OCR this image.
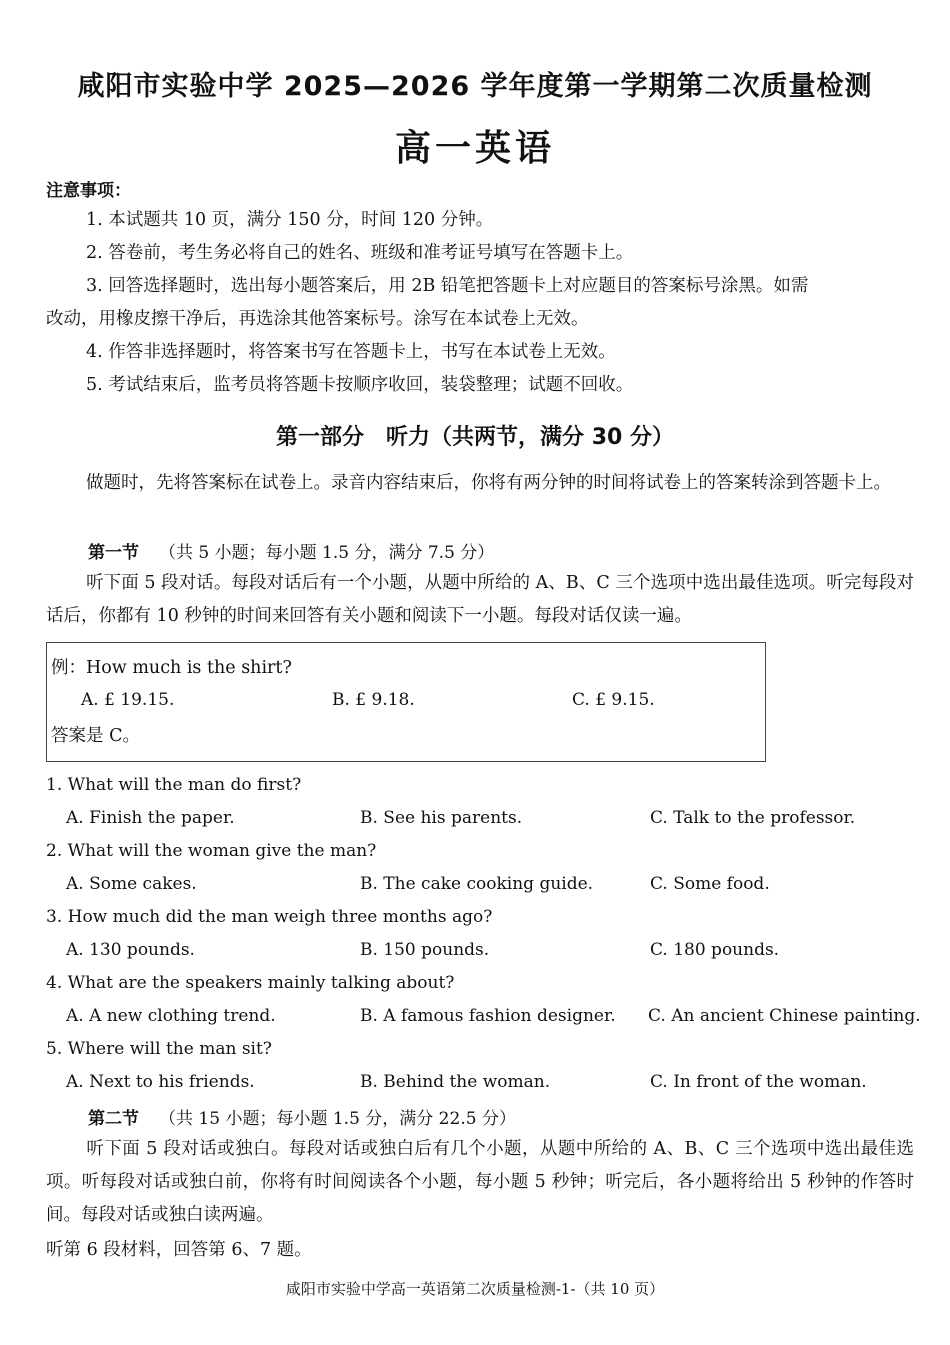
咸阳市实验中学 2025—2026 学年度第一学期第二次质量检测
高一英语
注意事项：
1. 本试题共 10 页，满分 150 分，时间 120 分钟。
2. 答卷前，考生务必将自己的姓名、班级和准考证号填写在答题卡上。
3. 回答选择题时，选出每小题答案后，用 2B 铅笔把答题卡上对应题目的答案标号涂黑。如需
改动，用橡皮擦干净后，再选涂其他答案标号。涂写在本试卷上无效。
4. 作答非选择题时，将答案书写在答题卡上，书写在本试卷上无效。
5. 考试结束后，监考员将答题卡按顺序收回，装袋整理；试题不回收。
第一部分　听力（共两节，满分 30 分）
做题时，先将答案标在试卷上。录音内容结束后，你将有两分钟的时间将试卷上的答案转涂到答题卡上。
第一节 （共 5 小题；每小题 1.5 分，满分 7.5 分）
听下面 5 段对话。每段对话后有一个小题，从题中所给的 A、B、C 三个选项中选出最佳选项。听完每段对话后，你都有 10 秒钟的时间来回答有关小题和阅读下一小题。每段对话仅读一遍。
例：How much is the shirt?
A. £ 19.15.	B. £ 9.18.	C. £ 9.15.
答案是 C。
1. What will the man do first?
A. Finish the paper.	B. See his parents.	C. Talk to the professor.
2. What will the woman give the man?
A. Some cakes.	B. The cake cooking guide.	C. Some food.
3. How much did the man weigh three months ago?
A. 130 pounds.	B. 150 pounds.	C. 180 pounds.
4. What are the speakers mainly talking about?
A. A new clothing trend.	B. A famous fashion designer. C. An ancient Chinese painting.
5. Where will the man sit?
A. Next to his friends.	B. Behind the woman.	C. In front of the woman.
第二节 （共 15 小题；每小题 1.5 分，满分 22.5 分）
听下面 5 段对话或独白。每段对话或独白后有几个小题，从题中所给的 A、B、C 三个选项中选出最佳选项。听每段对话或独白前，你将有时间阅读各个小题，每小题 5 秒钟；听完后，各小题将给出 5 秒钟的作答时间。每段对话或独白读两遍。
听第 6 段材料，回答第 6、7 题。
咸阳市实验中学高一英语第二次质量检测-1-（共 10 页）
